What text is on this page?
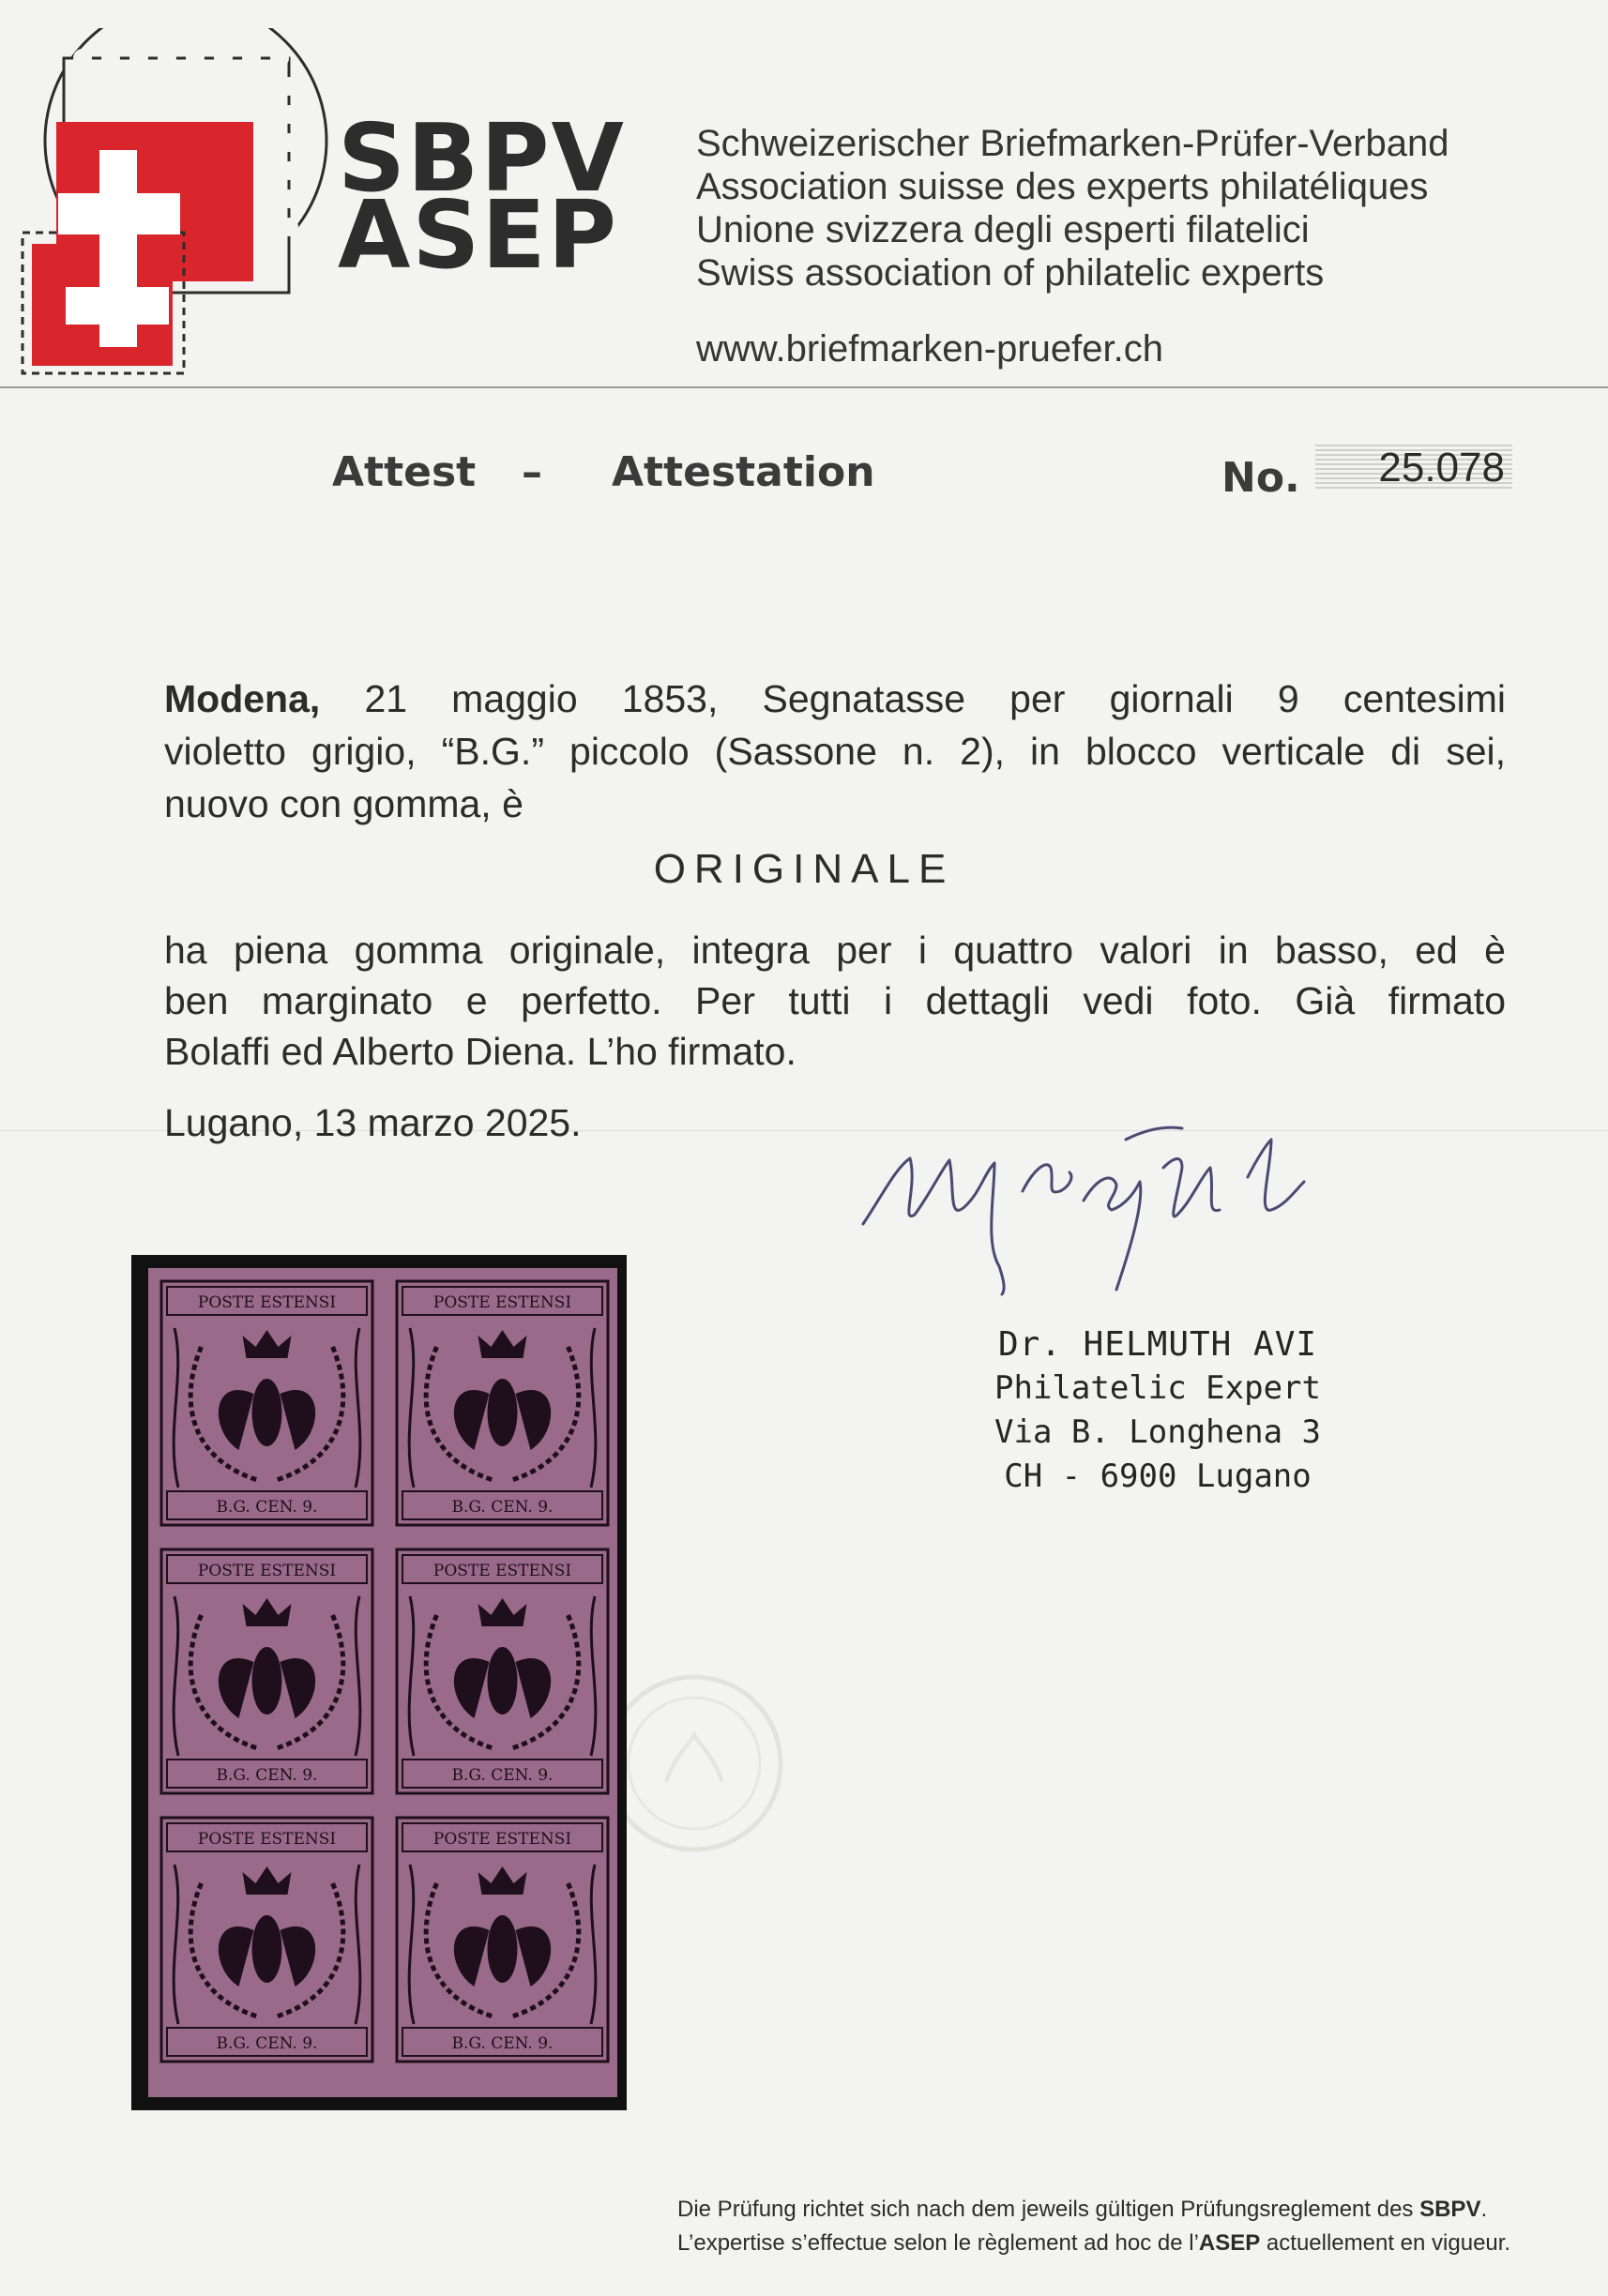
SBPV
ASEP
Schweizerischer Briefmarken-Prüfer-Verband
Association suisse des experts philatéliques
Unione svizzera degli esperti filatelici
Swiss association of philatelic experts
www.briefmarken-pruefer.ch
Attest – Attestation	No. 25.078
Modena, 21 maggio 1853, Segnatasse per giornali 9 centesimi
violetto grigio, “B.G.” piccolo (Sassone n. 2), in blocco verticale di sei,
nuovo con gomma, è
ORIGINALE
ha piena gomma originale, integra per i quattro valori in basso, ed è
ben marginato e perfetto. Per tutti i dettagli vedi foto. Già firmato
Bolaffi ed Alberto Diena. L’ho firmato.
Lugano, 13 marzo 2025.
Dr. HELMUTH AVI
Philatelic Expert
Via B. Longhena 3
CH - 6900 Lugano
POSTE ESTENSI
B.G. CEN. 9.
POSTE ESTENSI
B.G. CEN. 9.
POSTE ESTENSI
B.G. CEN. 9.
POSTE ESTENSI
B.G. CEN. 9.
POSTE ESTENSI
B.G. CEN. 9.
POSTE ESTENSI
B.G. CEN. 9.
Die Prüfung richtet sich nach dem jeweils gültigen Prüfungsreglement des SBPV.
L’expertise s’effectue selon le règlement ad hoc de l’ASEP actuellement en vigueur.
